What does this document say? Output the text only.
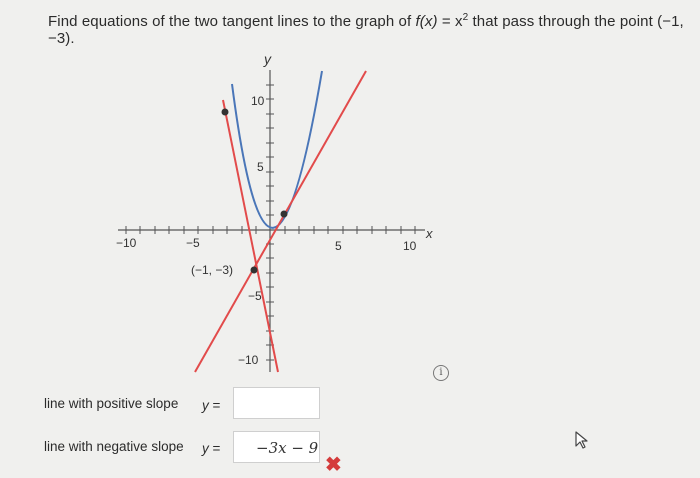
Find equations of the two tangent lines to the graph of $f(x) = x^2$ that pass through the point (−1, −3).
y
x
−10	−5	5	10
10
5
−5
−10
(−1, −3)
i
line with positive slope y =
line with negative slope y =	−3x − 9
✖
